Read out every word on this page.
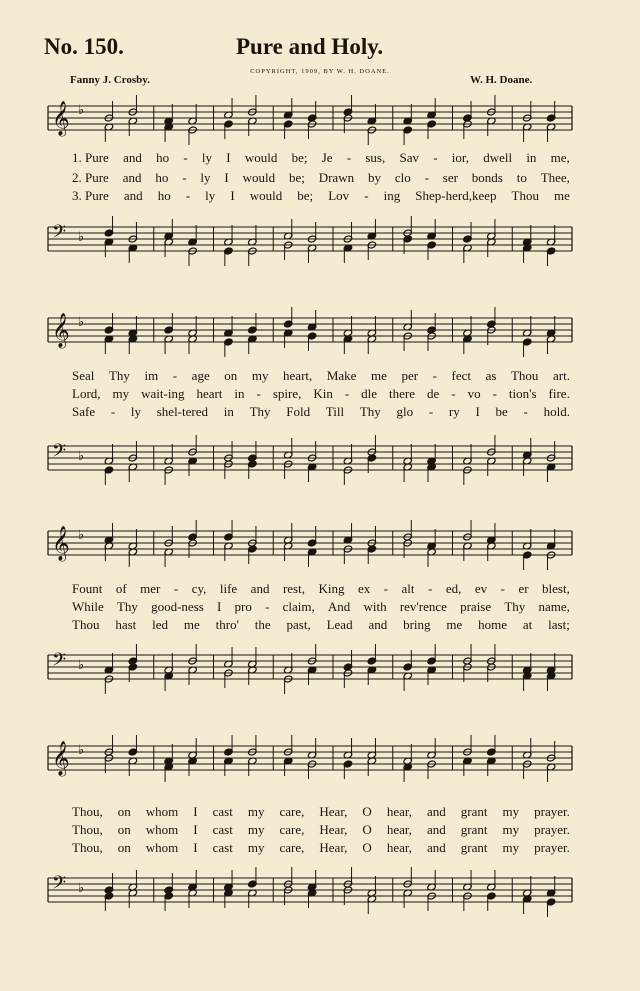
No. 150.	Pure and Holy.
COPYRIGHT, 1909, BY W. H. DOANE.
Fanny J. Crosby.	W. H. Doane.
𝄞 ♭
1. Pure and ho - ly I would be; Je - sus, Sav - ior, dwell in me,
2. Pure and ho - ly I would be; Drawn by clo - ser bonds to Thee,
3. Pure and ho - ly I would be; Lov - ing Shep-herd,keep Thou me
𝄢 ♭
𝄞 ♭
Seal Thy im - age on my heart, Make me per - fect as Thou art.
Lord, my wait-ing heart in - spire, Kin - dle there de - vo - tion's fire.
Safe - ly shel-tered in Thy Fold Till Thy glo - ry I be - hold.
𝄢 ♭
𝄞 ♭
Fount of mer - cy, life and rest, King ex - alt - ed, ev - er blest,
While Thy good-ness I pro - claim, And with rev'rence praise Thy name,
Thou hast led me thro' the past, Lead and bring me home at last;
𝄢 ♭
𝄞 ♭
Thou, on whom I cast my care, Hear, O hear, and grant my prayer.
Thou, on whom I cast my care, Hear, O hear, and grant my prayer.
Thou, on whom I cast my care, Hear, O hear, and grant my prayer.
𝄢 ♭
